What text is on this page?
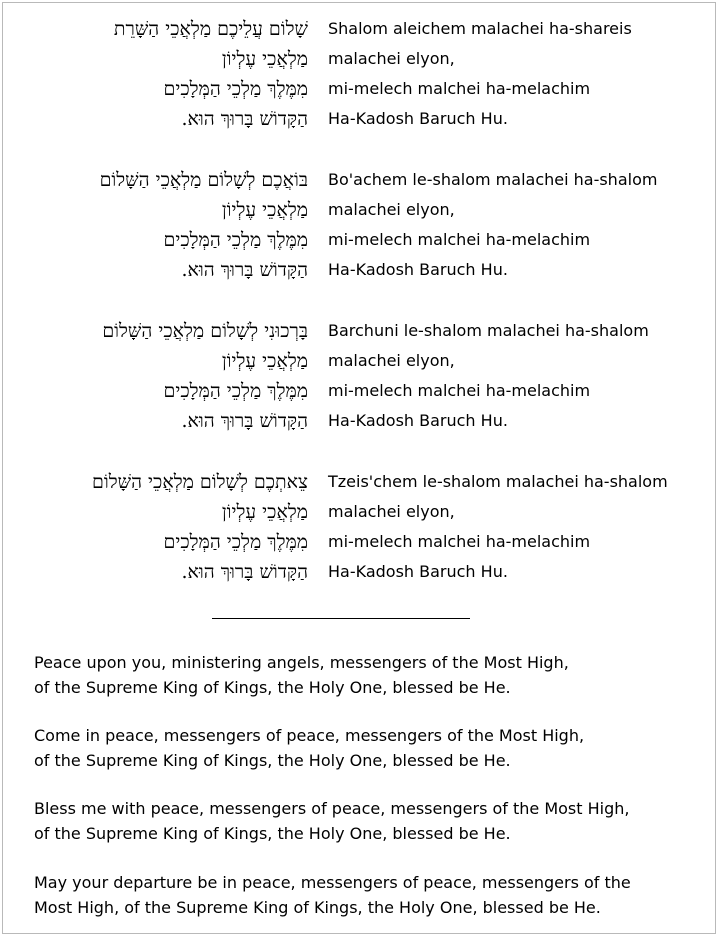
שָׁלוֹם עֲלֵיכֶם מַלְאֲכֵי הַשָּׁרֵת
מַלְאֲכֵי עֶלְיוֹן
מִמֶּלֶךְ מַלְכֵי הַמְּלָכִים
הַקָּדוֹשׁ בָּרוּךְ הוּא.
Shalom aleichem malachei ha-shareis
malachei elyon,
mi-melech malchei ha-melachim
Ha-Kadosh Baruch Hu.
בּוֹאֲכֶם לְשָׁלוֹם מַלְאֲכֵי הַשָּׁלוֹם
מַלְאֲכֵי עֶלְיוֹן
מִמֶּלֶךְ מַלְכֵי הַמְּלָכִים
הַקָּדוֹשׁ בָּרוּךְ הוּא.
Bo'achem le-shalom malachei ha-shalom
malachei elyon,
mi-melech malchei ha-melachim
Ha-Kadosh Baruch Hu.
בָּרְכוּנִי לְשָׁלוֹם מַלְאֲכֵי הַשָּׁלוֹם
מַלְאֲכֵי עֶלְיוֹן
מִמֶּלֶךְ מַלְכֵי הַמְּלָכִים
הַקָּדוֹשׁ בָּרוּךְ הוּא.
Barchuni le-shalom malachei ha-shalom
malachei elyon,
mi-melech malchei ha-melachim
Ha-Kadosh Baruch Hu.
צֵאתְכֶם לְשָׁלוֹם מַלְאֲכֵי הַשָּׁלוֹם
מַלְאֲכֵי עֶלְיוֹן
מִמֶּלֶךְ מַלְכֵי הַמְּלָכִים
הַקָּדוֹשׁ בָּרוּךְ הוּא.
Tzeis'chem le-shalom malachei ha-shalom
malachei elyon,
mi-melech malchei ha-melachim
Ha-Kadosh Baruch Hu.
Peace upon you, ministering angels, messengers of the Most High,
of the Supreme King of Kings, the Holy One, blessed be He.
Come in peace, messengers of peace, messengers of the Most High,
of the Supreme King of Kings, the Holy One, blessed be He.
Bless me with peace, messengers of peace, messengers of the Most High,
of the Supreme King of Kings, the Holy One, blessed be He.
May your departure be in peace, messengers of peace, messengers of the
Most High, of the Supreme King of Kings, the Holy One, blessed be He.
